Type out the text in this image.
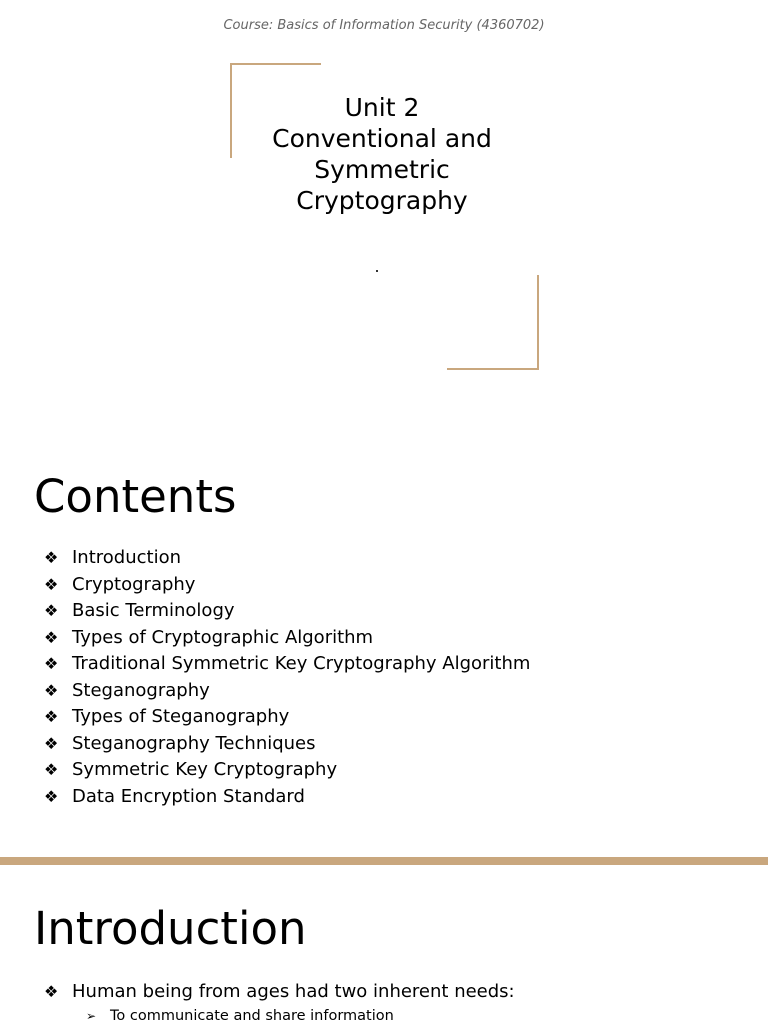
Course: Basics of Information Security (4360702)
Unit 2
Conventional and
Symmetric
Cryptography
Contents
❖ Introduction
❖ Cryptography
❖ Basic Terminology
❖ Types of Cryptographic Algorithm
❖ Traditional Symmetric Key Cryptography Algorithm
❖ Steganography
❖ Types of Steganography
❖ Steganography Techniques
❖ Symmetric Key Cryptography
❖ Data Encryption Standard
Introduction
❖ Human being from ages had two inherent needs:
➢ To communicate and share information
